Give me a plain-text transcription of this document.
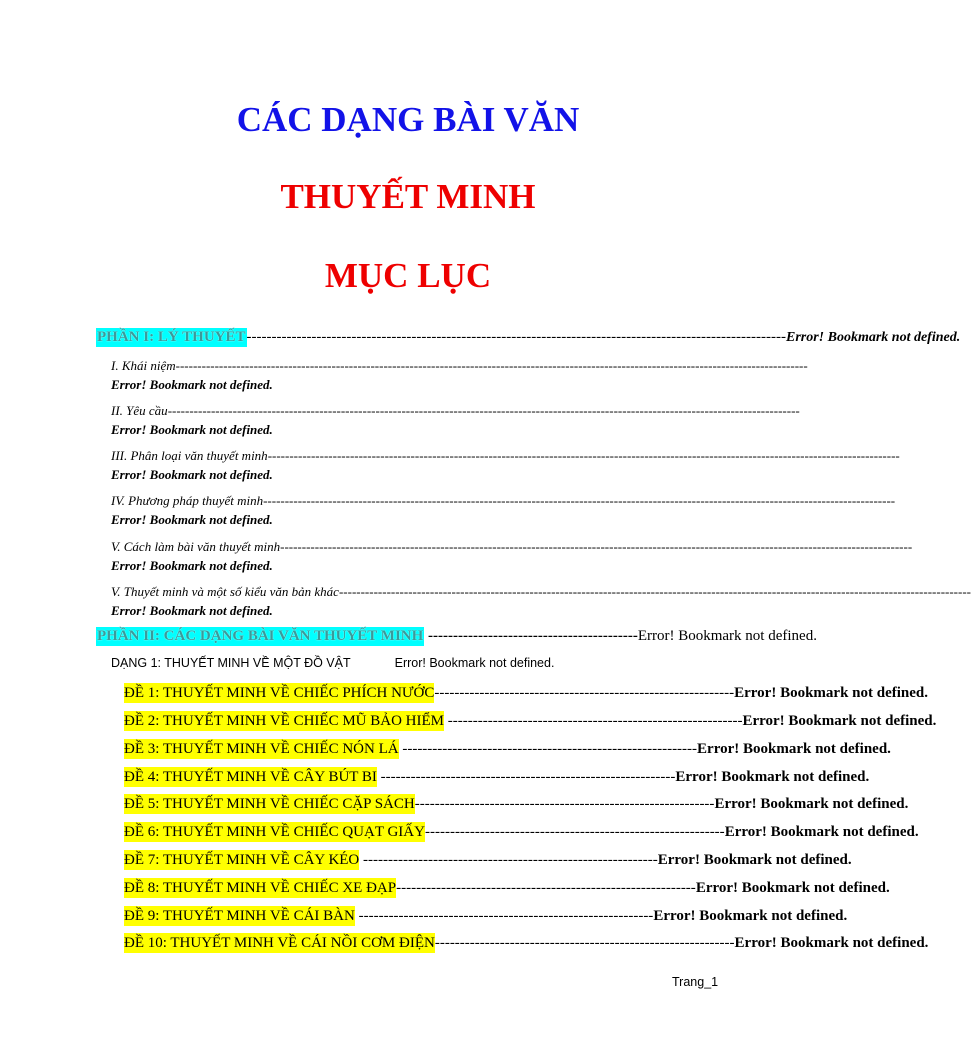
CÁC DẠNG BÀI VĂN
THUYẾT MINH
MỤC LỤC
PHẦN I: LÝ THUYẾT ------------------------------------------------------------------------------------------------------------ Error! Bookmark not defined.
I. Khái niệm --------------------------------------------------------------------------------------------------------------------------------------------------
Error! Bookmark not defined.
II. Yêu cầu --------------------------------------------------------------------------------------------------------------------------------------------------
Error! Bookmark not defined.
III. Phân loại văn thuyết minh --------------------------------------------------------------------------------------------------------------------------------------------------
Error! Bookmark not defined.
IV. Phương pháp thuyết minh --------------------------------------------------------------------------------------------------------------------------------------------------
Error! Bookmark not defined.
V. Cách làm bài văn thuyết minh --------------------------------------------------------------------------------------------------------------------------------------------------
Error! Bookmark not defined.
V. Thuyết minh và một số kiểu văn bản khác --------------------------------------------------------------------------------------------------------------------------------------------------
Error! Bookmark not defined.
PHẦN II: CÁC DẠNG BÀI VĂN THUYẾT MINH ------------------------------------------ Error! Bookmark not defined.
DẠNG 1: THUYẾT MINH VỀ MỘT ĐỒ VẬT	Error! Bookmark not defined.
ĐỀ 1: THUYẾT MINH VỀ CHIẾC PHÍCH NƯỚC ------------------------------------------------------------ Error! Bookmark not defined.
ĐỀ 2: THUYẾT MINH VỀ CHIẾC MŨ BẢO HIỂM ----------------------------------------------------------- Error! Bookmark not defined.
ĐỀ 3: THUYẾT MINH VỀ CHIẾC NÓN LÁ ----------------------------------------------------------- Error! Bookmark not defined.
ĐỀ 4: THUYẾT MINH VỀ CÂY BÚT BI ----------------------------------------------------------- Error! Bookmark not defined.
ĐỀ 5: THUYẾT MINH VỀ CHIẾC CẶP SÁCH ------------------------------------------------------------ Error! Bookmark not defined.
ĐỀ 6: THUYẾT MINH VỀ CHIẾC QUẠT GIẤY ------------------------------------------------------------ Error! Bookmark not defined.
ĐỀ 7: THUYẾT MINH VỀ CÂY KÉO ----------------------------------------------------------- Error! Bookmark not defined.
ĐỀ 8: THUYẾT MINH VỀ CHIẾC XE ĐẠP ------------------------------------------------------------ Error! Bookmark not defined.
ĐỀ 9: THUYẾT MINH VỀ CÁI BÀN ----------------------------------------------------------- Error! Bookmark not defined.
ĐỀ 10: THUYẾT MINH VỀ CÁI NỒI CƠM ĐIỆN ------------------------------------------------------------ Error! Bookmark not defined.
Trang_1
